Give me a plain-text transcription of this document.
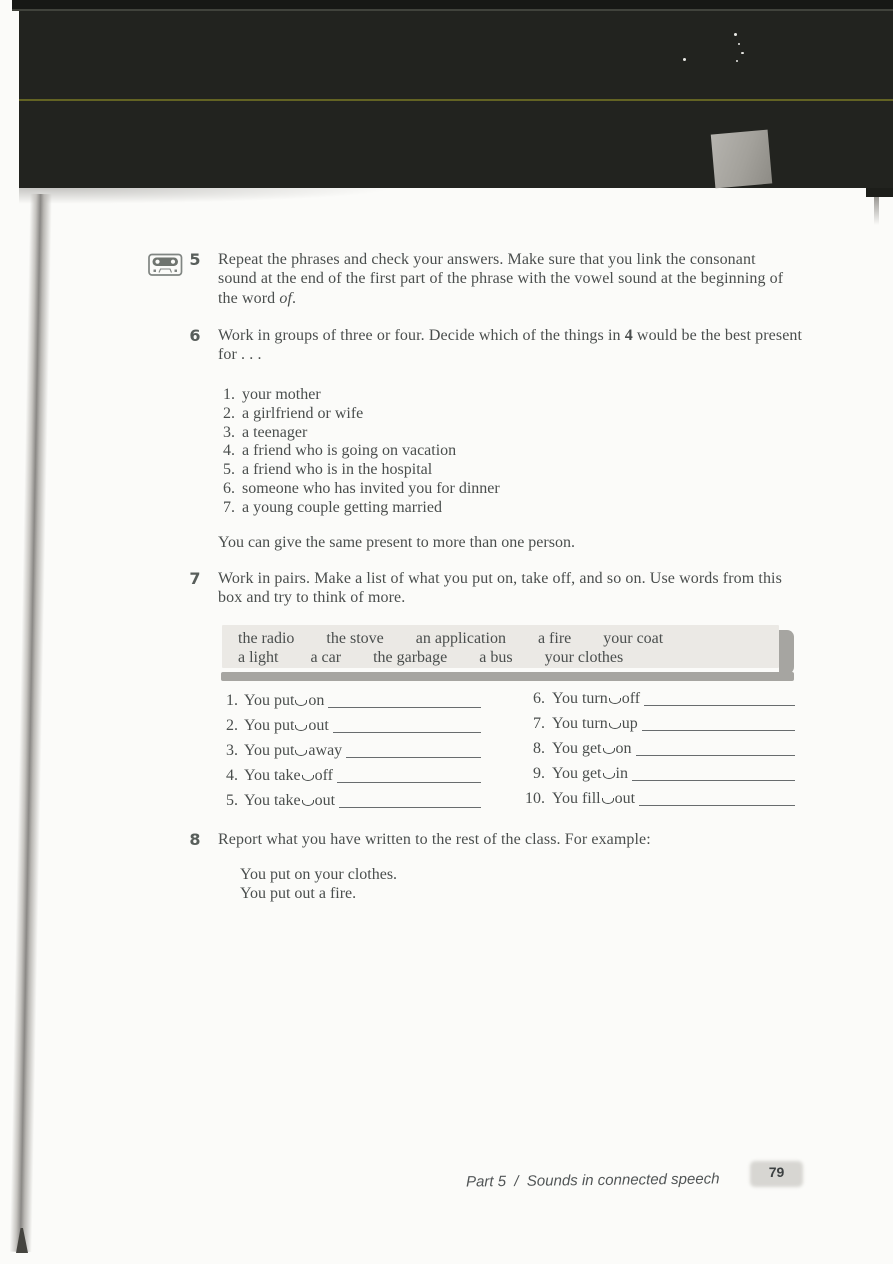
5 Repeat the phrases and check your answers. Make sure that you link the consonant sound at the end of the first part of the phrase with the vowel sound at the beginning of the word of.

6 Work in groups of three or four. Decide which of the things in 4 would be the best present for . . .

1. your mother
2. a girlfriend or wife
3. a teenager
4. a friend who is going on vacation
5. a friend who is in the hospital
6. someone who has invited you for dinner
7. a young couple getting married
You can give the same present to more than one person.
7 Work in pairs. Make a list of what you put on, take off, and so on. Use words from this box and try to think of more.

the radio the stove an application a fire your coat
a light a car the garbage a bus your clothes
1. You put on
2. You put out
3. You put away
4. You take off
5. You take out
6. You turn off
7. You turn up
8. You get on
9. You get in
10. You fill out
8 Report what you have written to the rest of the class. For example:

You put on your clothes.
You put out a fire.
Part 5  /  Sounds in connected speech	79
